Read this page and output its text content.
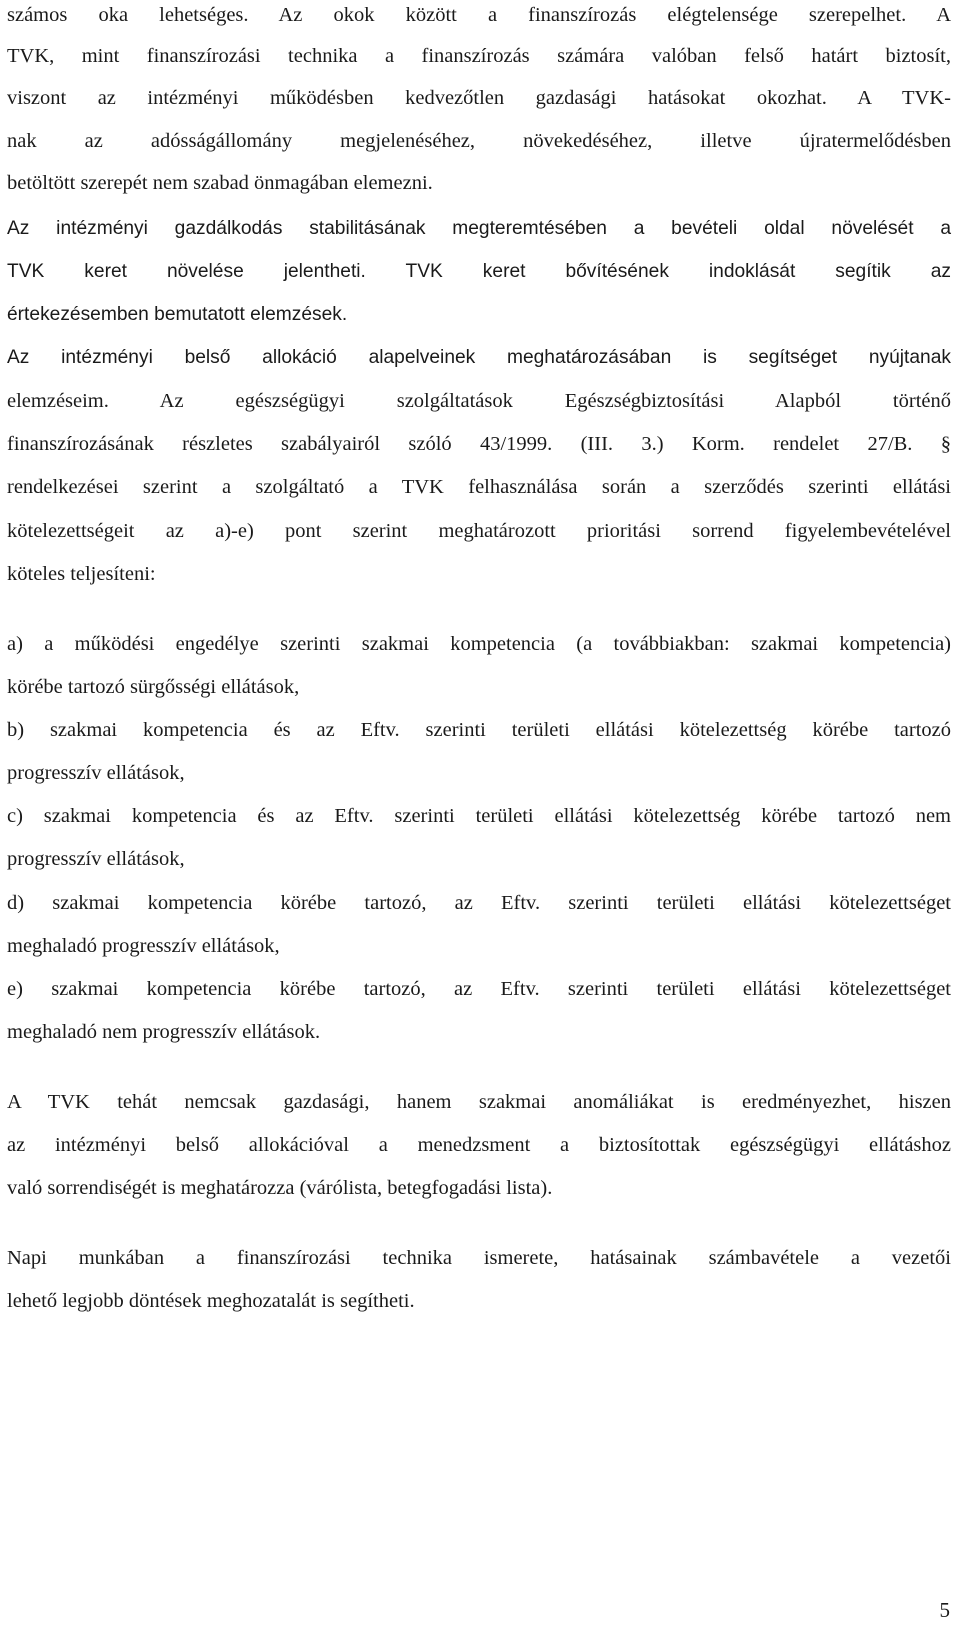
számos oka lehetséges. Az okok között a finanszírozás elégtelensége szerepelhet. A
TVK, mint finanszírozási technika a finanszírozás számára valóban felső határt biztosít,
viszont az intézményi működésben kedvezőtlen gazdasági hatásokat okozhat. A TVK-
nak az adósságállomány megjelenéséhez, növekedéséhez, illetve újratermelődésben
betöltött szerepét nem szabad önmagában elemezni.
Az intézményi gazdálkodás stabilitásának megteremtésében a bevételi oldal növelését a
TVK keret növelése jelentheti. TVK keret bővítésének indoklását segítik az
értekezésemben bemutatott elemzések.
Az intézményi belső allokáció alapelveinek meghatározásában is segítséget nyújtanak
elemzéseim. Az egészségügyi szolgáltatások Egészségbiztosítási Alapból történő
finanszírozásának részletes szabályairól szóló 43/1999. (III. 3.) Korm. rendelet 27/B. §
rendelkezései szerint a szolgáltató a TVK felhasználása során a szerződés szerinti ellátási
kötelezettségeit az a)-e) pont szerint meghatározott prioritási sorrend figyelembevételével
köteles teljesíteni:
a) a működési engedélye szerinti szakmai kompetencia (a továbbiakban: szakmai kompetencia)
körébe tartozó sürgősségi ellátások,
b) szakmai kompetencia és az Eftv. szerinti területi ellátási kötelezettség körébe tartozó
progresszív ellátások,
c) szakmai kompetencia és az Eftv. szerinti területi ellátási kötelezettség körébe tartozó nem
progresszív ellátások,
d) szakmai kompetencia körébe tartozó, az Eftv. szerinti területi ellátási kötelezettséget
meghaladó progresszív ellátások,
e) szakmai kompetencia körébe tartozó, az Eftv. szerinti területi ellátási kötelezettséget
meghaladó nem progresszív ellátások.
A TVK tehát nemcsak gazdasági, hanem szakmai anomáliákat is eredményezhet, hiszen
az intézményi belső allokációval a menedzsment a biztosítottak egészségügyi ellátáshoz
való sorrendiségét is meghatározza (várólista, betegfogadási lista).
Napi munkában a finanszírozási technika ismerete, hatásainak számbavétele a vezetői
lehető legjobb döntések meghozatalát is segítheti.
5
